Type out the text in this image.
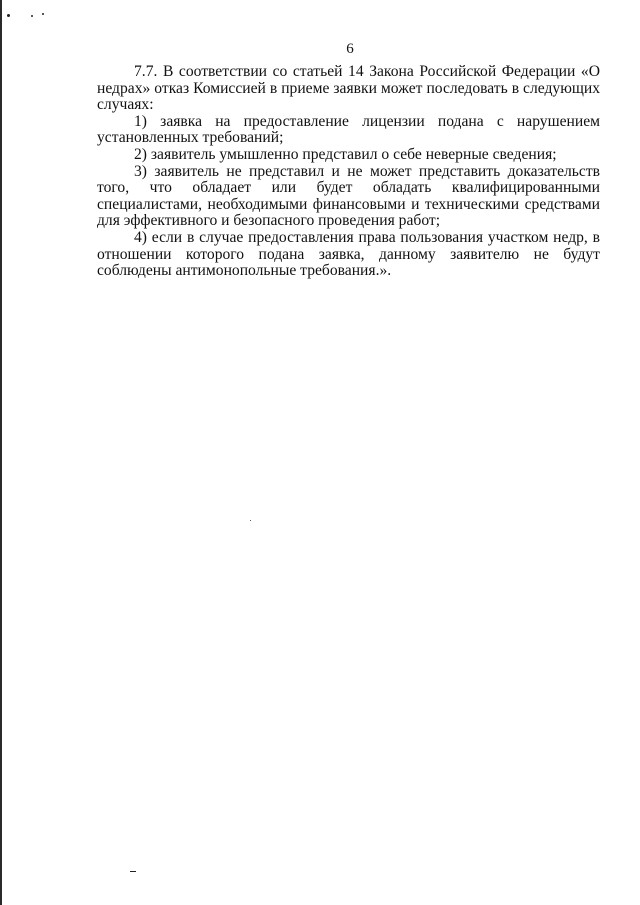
6

7.7. В соответствии со статьей 14 Закона Российской Федерации «О недрах» отказ Комиссией в приеме заявки может последовать в следующих случаях:

1) заявка на предоставление лицензии подана с нарушением установленных требований;

2) заявитель умышленно представил о себе неверные сведения;

3) заявитель не представил и не может представить доказательств того, что обладает или будет обладать квалифицированными специалистами, необходимыми финансовыми и техническими средствами для эффективного и безопасного проведения работ;

4) если в случае предоставления права пользования участком недр, в отношении которого подана заявка, данному заявителю не будут соблюдены антимонопольные требования.».
